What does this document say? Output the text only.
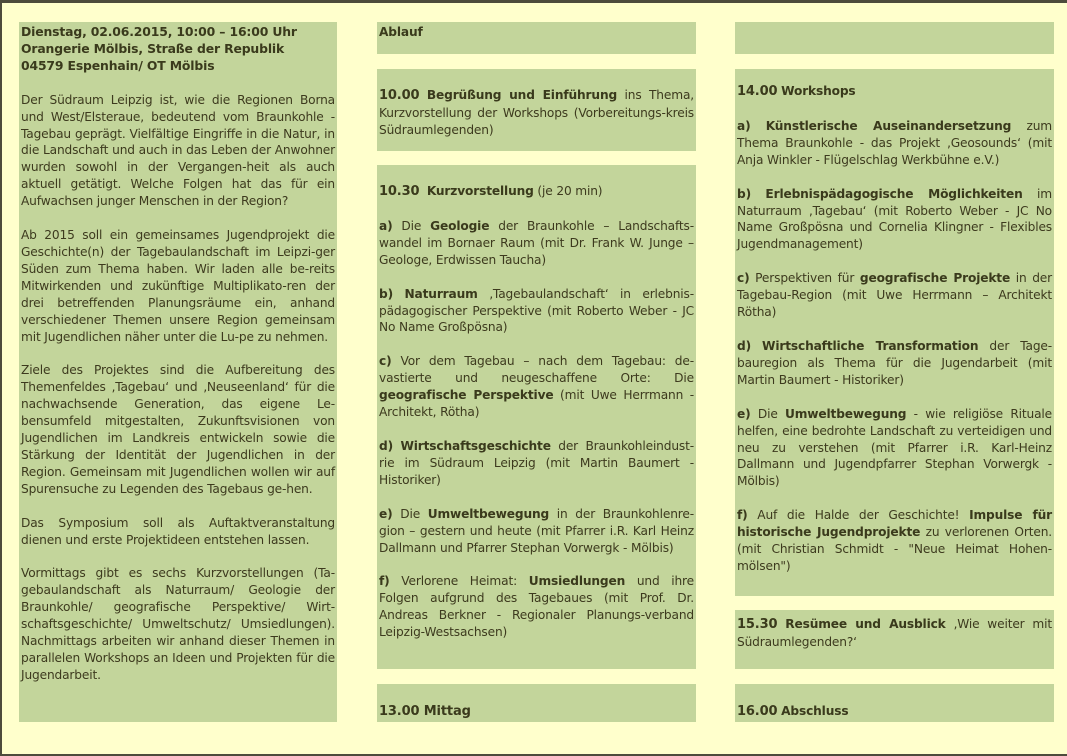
Dienstag, 02.06.2015, 10:00 – 16:00 Uhr
Orangerie Mölbis, Straße der Republik
04579 Espenhain/ OT Mölbis

Der Südraum Leipzig ist, wie die Regionen Borna und West/Elsteraue, bedeutend vom Braunkohle - Tagebau geprägt. Vielfältige Eingriffe in die Natur, in die Landschaft und auch in das Leben der Anwohner wurden sowohl in der Vergangen-heit als auch aktuell getätigt. Welche Folgen hat das für ein Aufwachsen junger Menschen in der Region?

Ab 2015 soll ein gemeinsames Jugendprojekt die Geschichte(n) der Tagebaulandschaft im Leipzi-ger Süden zum Thema haben. Wir laden alle be-reits Mitwirkenden und zukünftige Multiplikato-ren der drei betreffenden Planungsräume ein, anhand verschiedener Themen unsere Region gemeinsam mit Jugendlichen näher unter die Lu-pe zu nehmen.

Ziele des Projektes sind die Aufbereitung des Themenfeldes ‚Tagebau‘ und ‚Neuseenland‘ für die nachwachsende Generation, das eigene Le-bensumfeld mitgestalten, Zukunftsvisionen von Jugendlichen im Landkreis entwickeln sowie die Stärkung der Identität der Jugendlichen in der Region. Gemeinsam mit Jugendlichen wollen wir auf Spurensuche zu Legenden des Tagebaus ge-hen.

Das Symposium soll als Auftaktveranstaltung dienen und erste Projektideen entstehen lassen.

Vormittags gibt es sechs Kurzvorstellungen (Ta-gebaulandschaft als Naturraum/ Geologie der Braunkohle/ geografische Perspektive/ Wirt-schaftsgeschichte/ Umweltschutz/ Umsiedlungen). Nachmittags arbeiten wir anhand dieser Themen in parallelen Workshops an Ideen und Projekten für die Jugendarbeit.

Ablauf

10.00 Begrüßung und Einführung ins Thema, Kurzvorstellung der Workshops (Vorbereitungs-kreis Südraumlegenden)

10.30 Kurzvorstellung (je 20 min)

a) Die Geologie der Braunkohle – Landschafts-wandel im Bornaer Raum (mit Dr. Frank W. Junge – Geologe, Erdwissen Taucha)

b) Naturraum ‚Tagebaulandschaft‘ in erlebnis-pädagogischer Perspektive (mit Roberto Weber - JC No Name Großpösna)

c) Vor dem Tagebau – nach dem Tagebau: de-vastierte und neugeschaffene Orte: Die geografische Perspektive (mit Uwe Herrmann - Architekt, Rötha)

d) Wirtschaftsgeschichte der Braunkohleindust-rie im Südraum Leipzig (mit Martin Baumert - Historiker)

e) Die Umweltbewegung in der Braunkohlenre-gion – gestern und heute (mit Pfarrer i.R. Karl Heinz Dallmann und Pfarrer Stephan Vorwergk - Mölbis)

f) Verlorene Heimat: Umsiedlungen und ihre Folgen aufgrund des Tagebaues (mit Prof. Dr. Andreas Berkner - Regionaler Planungs-verband Leipzig-Westsachsen)

13.00 Mittag

14.00 Workshops

a) Künstlerische Auseinandersetzung zum Thema Braunkohle - das Projekt ‚Geosounds‘ (mit Anja Winkler - Flügelschlag Werkbühne e.V.)

b) Erlebnispädagogische Möglichkeiten im Naturraum ‚Tagebau‘ (mit Roberto Weber - JC No Name Großpösna und Cornelia Klingner - Flexibles Jugendmanagement)

c) Perspektiven für geografische Projekte in der Tagebau-Region (mit Uwe Herrmann – Architekt Rötha)

d) Wirtschaftliche Transformation der Tage-bauregion als Thema für die Jugendarbeit (mit Martin Baumert - Historiker)

e) Die Umweltbewegung - wie religiöse Rituale helfen, eine bedrohte Landschaft zu verteidigen und neu zu verstehen (mit Pfarrer i.R. Karl-Heinz Dallmann und Jugendpfarrer Stephan Vorwergk - Mölbis)

f) Auf die Halde der Geschichte! Impulse für historische Jugendprojekte zu verlorenen Orten. (mit Christian Schmidt - "Neue Heimat Hohen-mölsen")

15.30 Resümee und Ausblick ‚Wie weiter mit Südraumlegenden?‘

16.00 Abschluss
